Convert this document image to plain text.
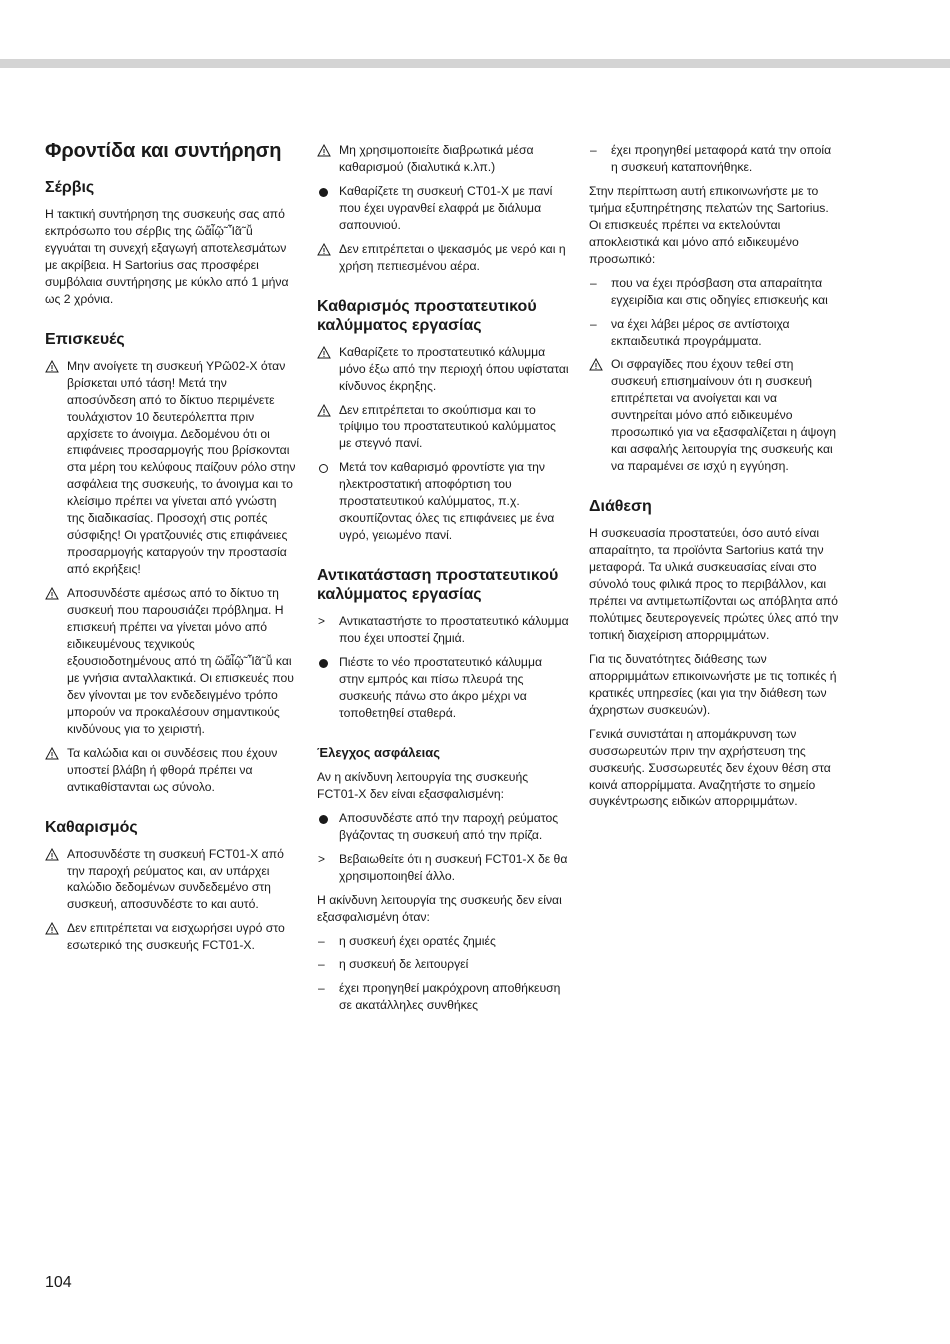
Φροντίδα και συντήρηση
Σέρβις

Η τακτική συντήρηση της συσκευής σας από εκπρόσωπο του σέρβις της ῶἄἶῷ˜Ἶᾶ˜ǚ εγγυάται τη συνεχή εξαγωγή αποτελεσμάτων με ακρίβεια. Η Sartorius σας προσφέρει συμβόλαια συντήρησης με κύκλο από 1 μήνα ως 2 χρόνια.

Επισκευές
Μην ανοίγετε τη συσκευή ΥΡῶ02-Χ όταν βρίσκεται υπό τάση! Μετά την αποσύνδεση από το δίκτυο περιμένετε τουλάχιστον 10 δευτερόλεπτα πριν αρχίσετε το άνοιγμα. Δεδομένου ότι οι επιφάνειες προσαρμογής που βρίσκονται στα μέρη του κελύφους παίζουν ρόλο στην ασφάλεια της συσκευής, το άνοιγμα και το κλείσιμο πρέπει να γίνεται από γνώστη της διαδικασίας. Προσοχή στις ροπές σύσφιξης! Οι γρατζουνιές στις επιφάνειες προσαρμογής καταργούν την προστασία από εκρήξεις!
Αποσυνδέστε αμέσως από το δίκτυο τη συσκευή που παρουσιάζει πρόβλημα. Η επισκευή πρέπει να γίνεται μόνο από ειδικευμένους τεχνικούς εξουσιοδοτημένους από τη ῶἄἶῷ˜Ἶᾶ˜ǚ και με γνήσια ανταλλακτικά. Οι επισκευές που δεν γίνονται με τον ενδεδειγμένο τρόπο μπορούν να προκαλέσουν σημαντικούς κινδύνους για το χειριστή.
Τα καλώδια και οι συνδέσεις που έχουν υποστεί βλάβη ή φθορά πρέπει να αντικαθίστανται ως σύνολο.
Καθαρισμός
Αποσυνδέστε τη συσκευή FCT01-X από την παροχή ρεύματος και, αν υπάρχει καλώδιο δεδομένων συνδεδεμένο στη συσκευή, αποσυνδέστε το και αυτό.
Δεν επιτρέπεται να εισχωρήσει υγρό στο εσωτερικό της συσκευής FCT01-X.
Μη χρησιμοποιείτε διαβρωτικά μέσα καθαρισμού (διαλυτικά κ.λπ.)
Καθαρίζετε τη συσκευή ϹΤ01-Χ με πανί που έχει υγρανθεί ελαφρά με διάλυμα σαπουνιού.
Δεν επιτρέπεται ο ψεκασμός με νερό και η χρήση πεπιεσμένου αέρα.
Καθαρισμός προστατευτικού καλύμματος εργασίας
Καθαρίζετε το προστατευτικό κάλυμμα μόνο έξω από την περιοχή όπου υφίσταται κίνδυνος έκρηξης.
Δεν επιτρέπεται το σκούπισμα και το τρίψιμο του προστατευτικού καλύμματος με στεγνό πανί.
Μετά τον καθαρισμό φροντίστε για την ηλεκτροστατική αποφόρτιση του προστατευτικού καλύμματος, π.χ. σκουπίζοντας όλες τις επιφάνειες με ένα υγρό, γειωμένο πανί.
Αντικατάσταση προστατευτικού καλύμματος εργασίας
> Αντικαταστήστε το προστατευτικό κάλυμμα που έχει υποστεί ζημιά.
Πιέστε το νέο προστατευτικό κάλυμμα στην εμπρός και πίσω πλευρά της συσκευής πάνω στο άκρο μέχρι να τοποθετηθεί σταθερά.
Έλεγχος ασφάλειας

Αν η ακίνδυνη λειτουργία της συσκευής FCT01-X δεν είναι εξασφαλισμένη:

Αποσυνδέστε από την παροχή ρεύματος βγάζοντας τη συσκευή από την πρίζα.
> Βεβαιωθείτε ότι η συσκευή FCT01-X δε θα χρησιμοποιηθεί άλλο.

Η ακίνδυνη λειτουργία της συσκευής δεν είναι εξασφαλισμένη όταν:

– η συσκευή έχει ορατές ζημιές
– η συσκευή δε λειτουργεί
– έχει προηγηθεί μακρόχρονη αποθήκευση σε ακατάλληλες συνθήκες
– έχει προηγηθεί μεταφορά κατά την οποία η συσκευή καταπονήθηκε.

Στην περίπτωση αυτή επικοινωνήστε με το τμήμα εξυπηρέτησης πελατών της Sartorius. Οι επισκευές πρέπει να εκτελούνται αποκλειστικά και μόνο από ειδικευμένο προσωπικό:

– που να έχει πρόσβαση στα απαραίτητα εγχειρίδια και στις οδηγίες επισκευής και
– να έχει λάβει μέρος σε αντίστοιχα εκπαιδευτικά προγράμματα.
Οι σφραγίδες που έχουν τεθεί στη συσκευή επισημαίνουν ότι η συσκευή επιτρέπεται να ανοίγεται και να συντηρείται μόνο από ειδικευμένο προσωπικό για να εξασφαλίζεται η άψογη και ασφαλής λειτουργία της συσκευής και να παραμένει σε ισχύ η εγγύηση.
Διάθεση

Η συσκευασία προστατεύει, όσο αυτό είναι απαραίτητο, τα προϊόντα Sartorius κατά την μεταφορά. Τα υλικά συσκευασίας είναι στο σύνολό τους φιλικά προς το περιβάλλον, και πρέπει να αντιμετωπίζονται ως απόβλητα από πολύτιμες δευτερογενείς πρώτες ύλες από την τοπική διαχείριση απορριμμάτων.

Για τις δυνατότητες διάθεσης των απορριμμάτων επικοινωνήστε με τις τοπικές ή κρατικές υπηρεσίες (και για την διάθεση των άχρηστων συσκευών).

Γενικά συνιστάται η απομάκρυνση των συσσωρευτών πριν την αχρήστευση της συσκευής. Συσσωρευτές δεν έχουν θέση στα κοινά απορρίμματα. Αναζητήστε το σημείο συγκέντρωσης ειδικών απορριμμάτων.

104
